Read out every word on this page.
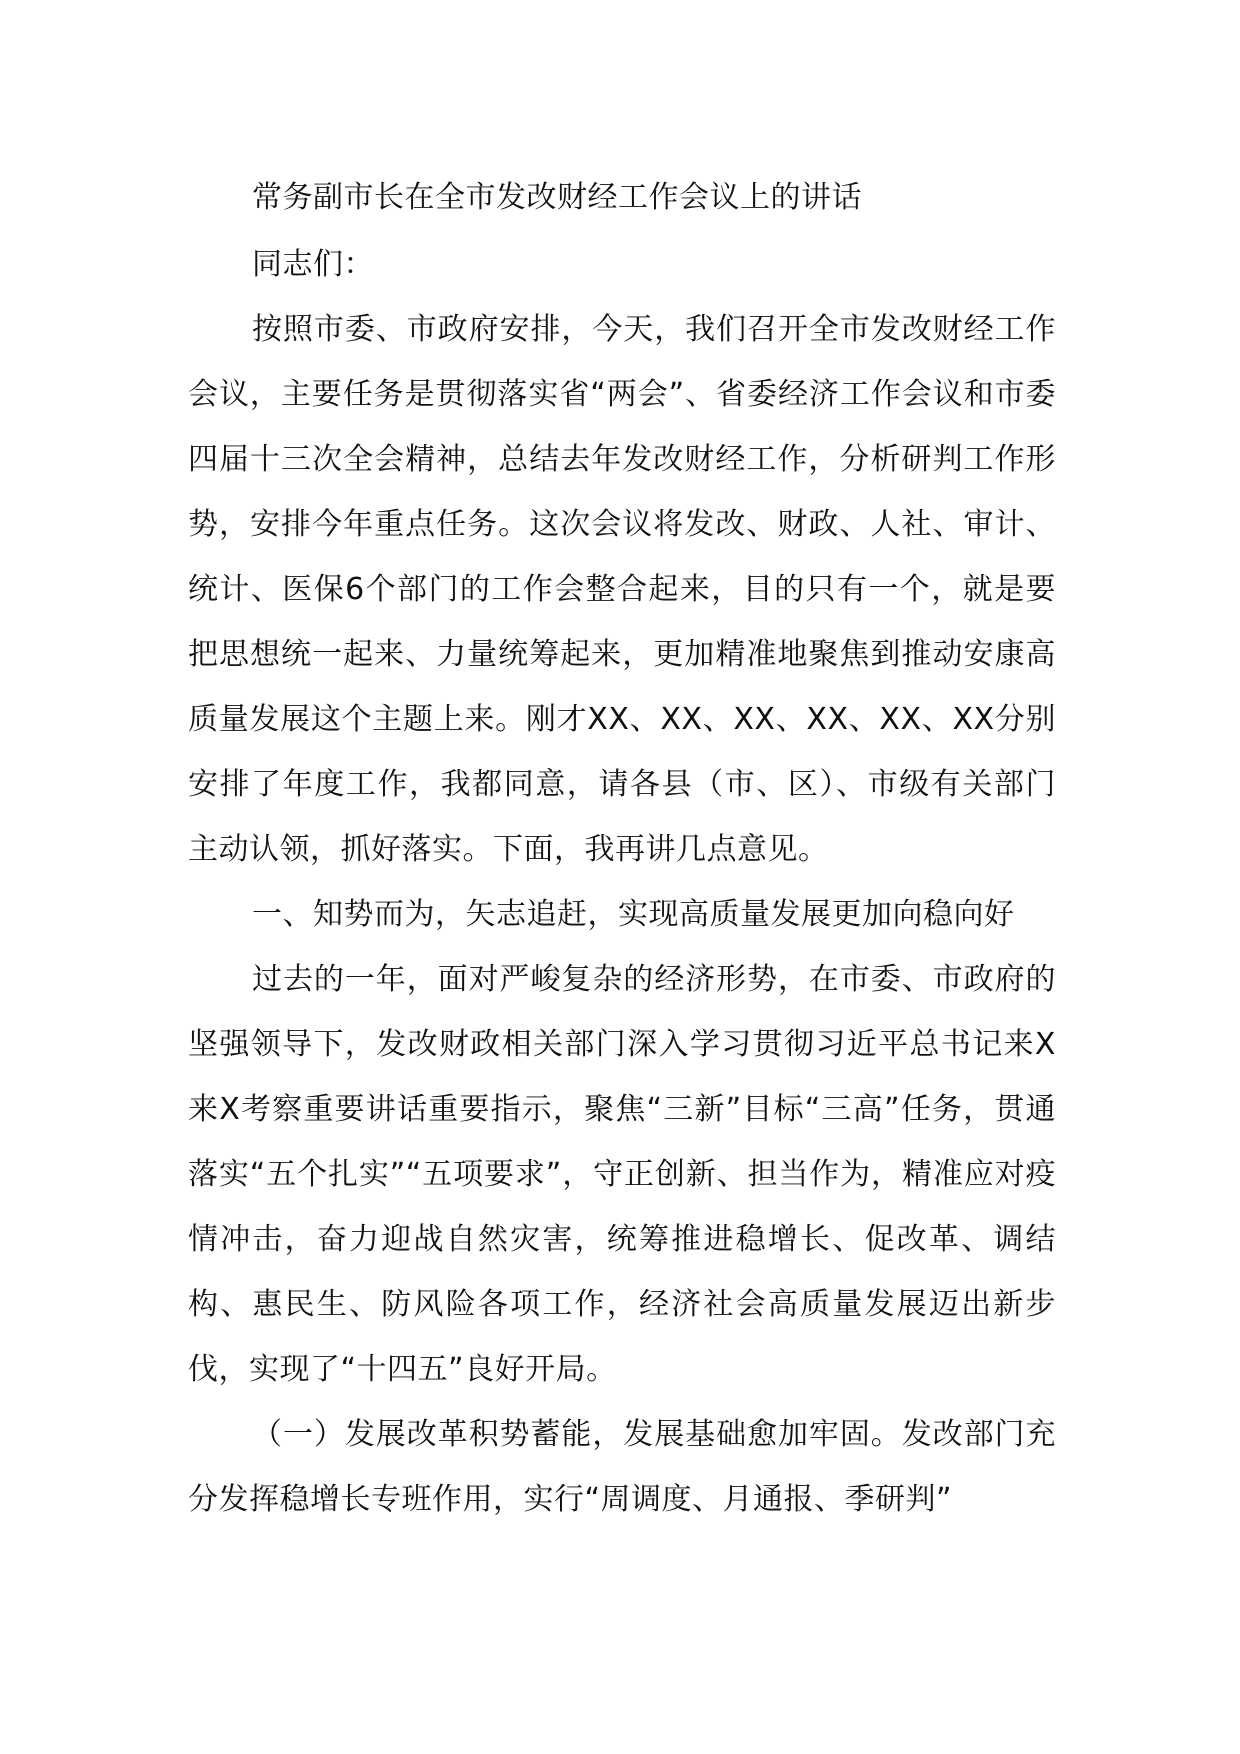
常务副市长在全市发改财经工作会议上的讲话

同志们：

按照市委、市政府安排，今天，我们召开全市发改财经工作会议，主要任务是贯彻落实省“两会”、省委经济工作会议和市委四届十三次全会精神，总结去年发改财经工作，分析研判工作形势，安排今年重点任务。这次会议将发改、财政、人社、审计、统计、医保6个部门的工作会整合起来，目的只有一个，就是要把思想统一起来、力量统筹起来，更加精准地聚焦到推动安康高质量发展这个主题上来。刚才XX、XX、XX、XX、XX、XX分别安排了年度工作，我都同意，请各县（市、区）、市级有关部门主动认领，抓好落实。下面，我再讲几点意见。

一、知势而为，矢志追赶，实现高质量发展更加向稳向好

过去的一年，面对严峻复杂的经济形势，在市委、市政府的坚强领导下，发改财政相关部门深入学习贯彻习近平总书记来X来X考察重要讲话重要指示，聚焦“三新”目标“三高”任务，贯通落实“五个扎实”“五项要求”，守正创新、担当作为，精准应对疫情冲击，奋力迎战自然灾害，统筹推进稳增长、促改革、调结构、惠民生、防风险各项工作，经济社会高质量发展迈出新步伐，实现了“十四五”良好开局。

（一）发展改革积势蓄能，发展基础愈加牢固。发改部门充分发挥稳增长专班作用，实行“周调度、月通报、季研判”
